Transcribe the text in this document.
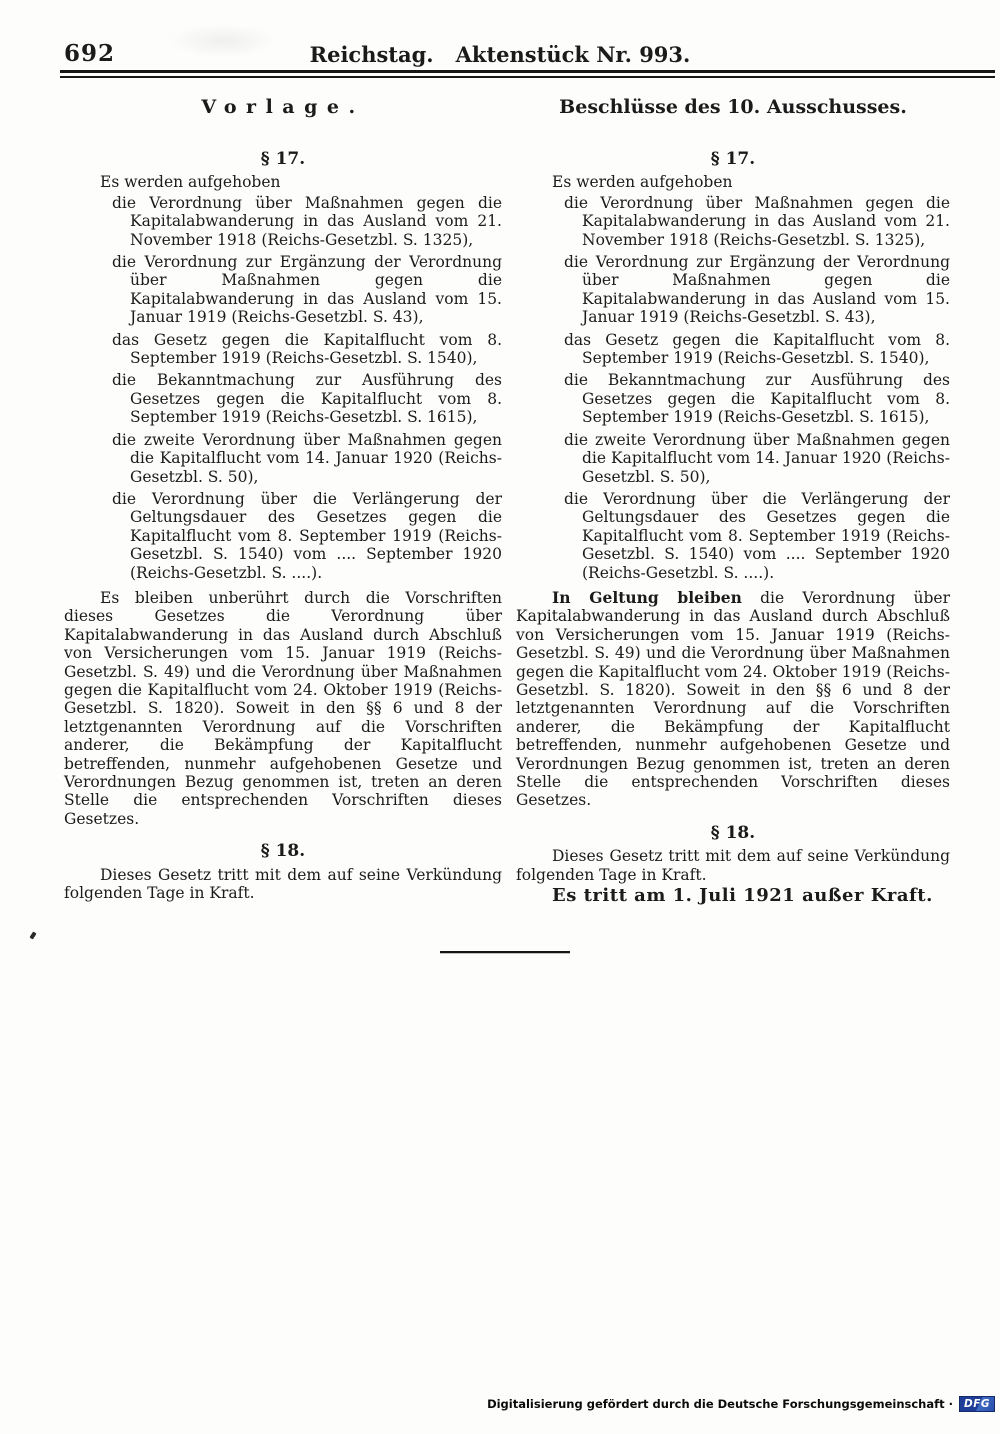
692	Reichstag. Aktenstück Nr. 993.
Vorlage.	Beschlüsse des 10. Ausschusses.
§ 17.
Es werden aufgehoben
die Verordnung über Maßnahmen gegen die Kapitalabwanderung in das Ausland vom 21. November 1918 (Reichs-Gesetzbl. S. 1325),
die Verordnung zur Ergänzung der Verordnung über Maßnahmen gegen die Kapitalabwanderung in das Ausland vom 15. Januar 1919 (Reichs-Gesetzbl. S. 43),
das Gesetz gegen die Kapitalflucht vom 8. September 1919 (Reichs-Gesetzbl. S. 1540),
die Bekanntmachung zur Ausführung des Gesetzes gegen die Kapitalflucht vom 8. September 1919 (Reichs-Gesetzbl. S. 1615),
die zweite Verordnung über Maßnahmen gegen die Kapitalflucht vom 14. Januar 1920 (Reichs-Gesetzbl. S. 50),
die Verordnung über die Verlängerung der Geltungsdauer des Gesetzes gegen die Kapitalflucht vom 8. September 1919 (Reichs-Gesetzbl. S. 1540) vom .... September 1920 (Reichs-Gesetzbl. S. ....).

Es bleiben unberührt durch die Vorschriften dieses Gesetzes die Verordnung über Kapitalabwanderung in das Ausland durch Abschluß von Versicherungen vom 15. Januar 1919 (Reichs-Gesetzbl. S. 49) und die Verordnung über Maßnahmen gegen die Kapitalflucht vom 24. Oktober 1919 (Reichs-Gesetzbl. S. 1820). Soweit in den §§ 6 und 8 der letztgenannten Verordnung auf die Vorschriften anderer, die Bekämpfung der Kapitalflucht betreffenden, nunmehr aufgehobenen Gesetze und Verordnungen Bezug genommen ist, treten an deren Stelle die entsprechenden Vorschriften dieses Gesetzes.

§ 18.

Dieses Gesetz tritt mit dem auf seine Verkündung folgenden Tage in Kraft.

§ 17.
Es werden aufgehoben
die Verordnung über Maßnahmen gegen die Kapitalabwanderung in das Ausland vom 21. November 1918 (Reichs-Gesetzbl. S. 1325),
die Verordnung zur Ergänzung der Verordnung über Maßnahmen gegen die Kapitalabwanderung in das Ausland vom 15. Januar 1919 (Reichs-Gesetzbl. S. 43),
das Gesetz gegen die Kapitalflucht vom 8. September 1919 (Reichs-Gesetzbl. S. 1540),
die Bekanntmachung zur Ausführung des Gesetzes gegen die Kapitalflucht vom 8. September 1919 (Reichs-Gesetzbl. S. 1615),
die zweite Verordnung über Maßnahmen gegen die Kapitalflucht vom 14. Januar 1920 (Reichs-Gesetzbl. S. 50),
die Verordnung über die Verlängerung der Geltungsdauer des Gesetzes gegen die Kapitalflucht vom 8. September 1919 (Reichs-Gesetzbl. S. 1540) vom .... September 1920 (Reichs-Gesetzbl. S. ....).

In Geltung bleiben die Verordnung über Kapitalabwanderung in das Ausland durch Abschluß von Versicherungen vom 15. Januar 1919 (Reichs-Gesetzbl. S. 49) und die Verordnung über Maßnahmen gegen die Kapitalflucht vom 24. Oktober 1919 (Reichs-Gesetzbl. S. 1820). Soweit in den §§ 6 und 8 der letztgenannten Verordnung auf die Vorschriften anderer, die Bekämpfung der Kapitalflucht betreffenden, nunmehr aufgehobenen Gesetze und Verordnungen Bezug genommen ist, treten an deren Stelle die entsprechenden Vorschriften dieses Gesetzes.

§ 18.

Dieses Gesetz tritt mit dem auf seine Verkündung folgenden Tage in Kraft.

Es tritt am 1. Juli 1921 außer Kraft.

Digitalisierung gefördert durch die Deutsche Forschungsgemeinschaft ·	DFG
